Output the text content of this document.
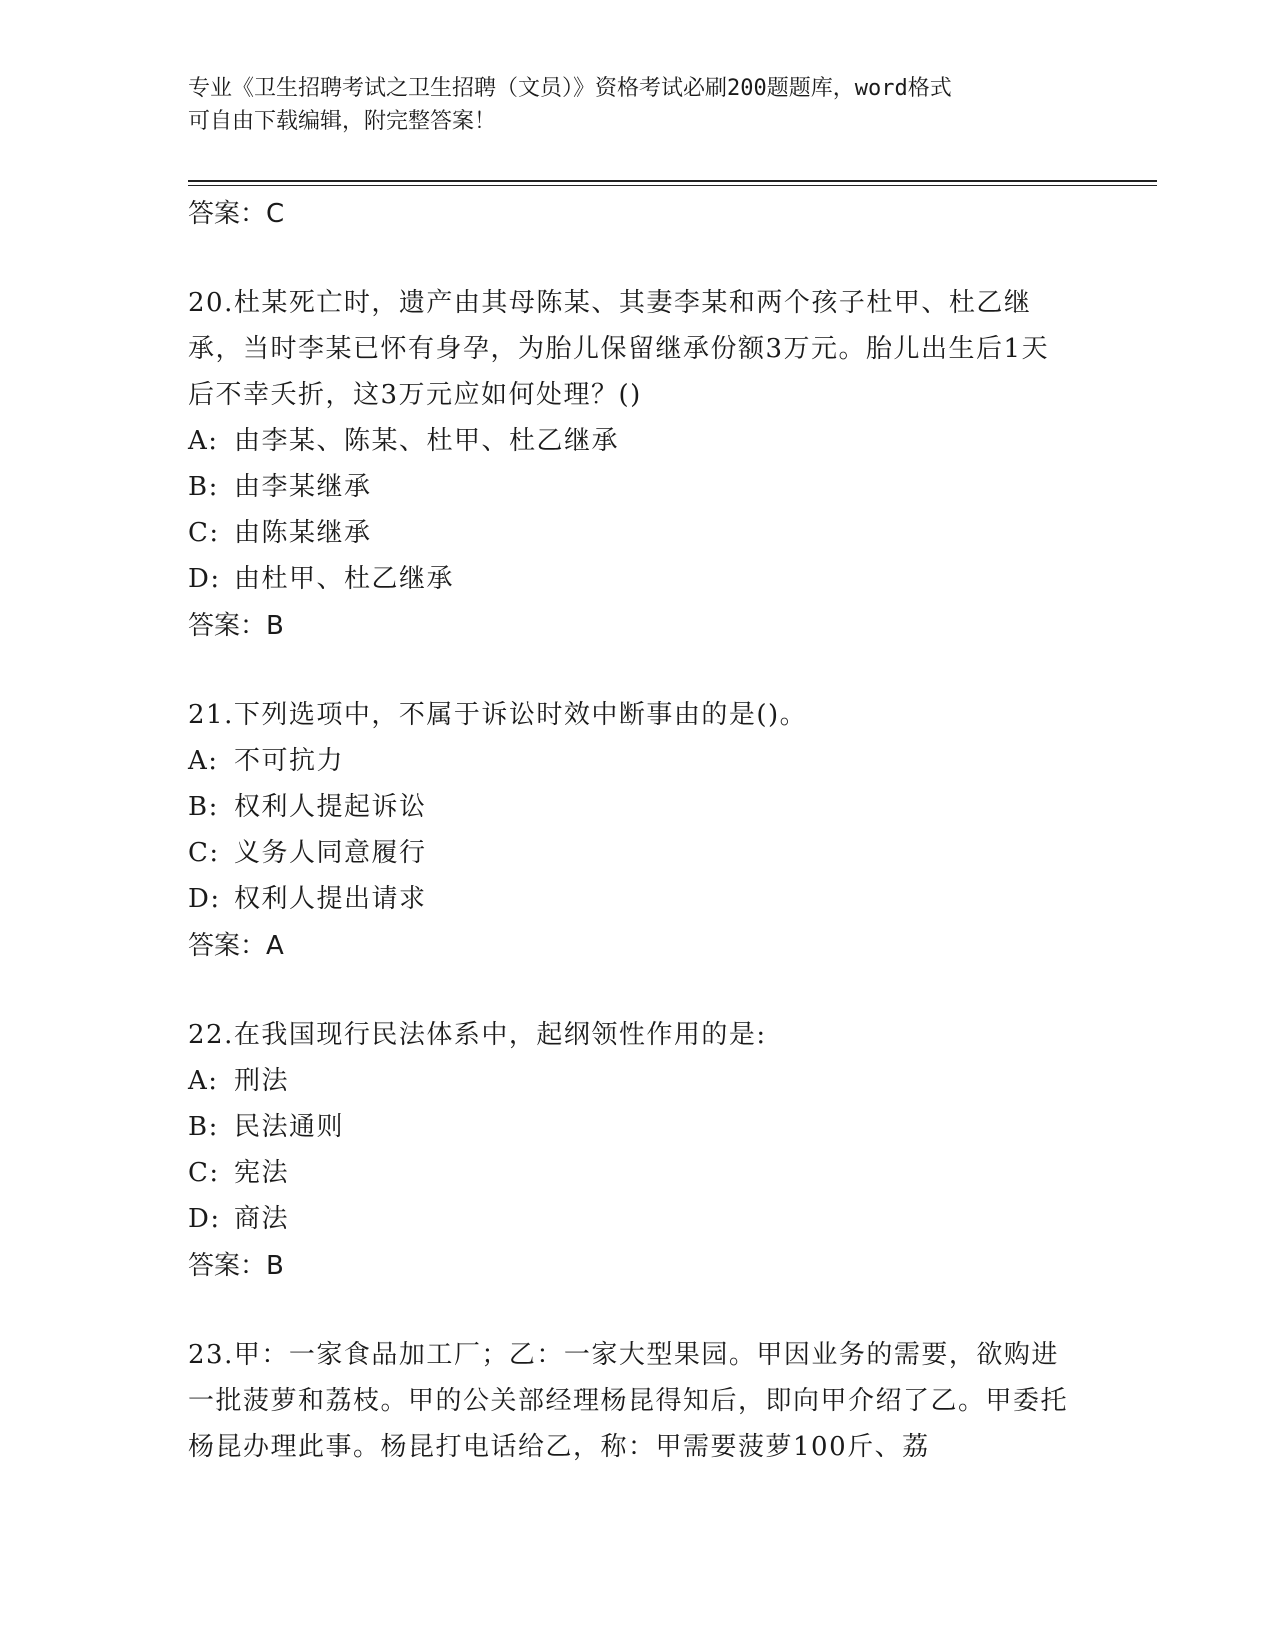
专业《卫生招聘考试之卫生招聘（文员）》资格考试必刷200题题库，word格式
可自由下载编辑，附完整答案！
答案：C
20.杜某死亡时，遗产由其母陈某、其妻李某和两个孩子杜甲、杜乙继承，当时李某已怀有身孕，为胎儿保留继承份额3万元。胎儿出生后1天后不幸夭折，这3万元应如何处理？()
A: 由李某、陈某、杜甲、杜乙继承
B: 由李某继承
C: 由陈某继承
D: 由杜甲、杜乙继承
答案：B
21.下列选项中，不属于诉讼时效中断事由的是()。
A: 不可抗力
B: 权利人提起诉讼
C: 义务人同意履行
D: 权利人提出请求
答案：A
22.在我国现行民法体系中，起纲领性作用的是:
A: 刑法
B: 民法通则
C: 宪法
D: 商法
答案：B
23.甲：一家食品加工厂；乙：一家大型果园。甲因业务的需要，欲购进一批菠萝和荔枝。甲的公关部经理杨昆得知后，即向甲介绍了乙。甲委托杨昆办理此事。杨昆打电话给乙，称：甲需要菠萝100斤、荔
